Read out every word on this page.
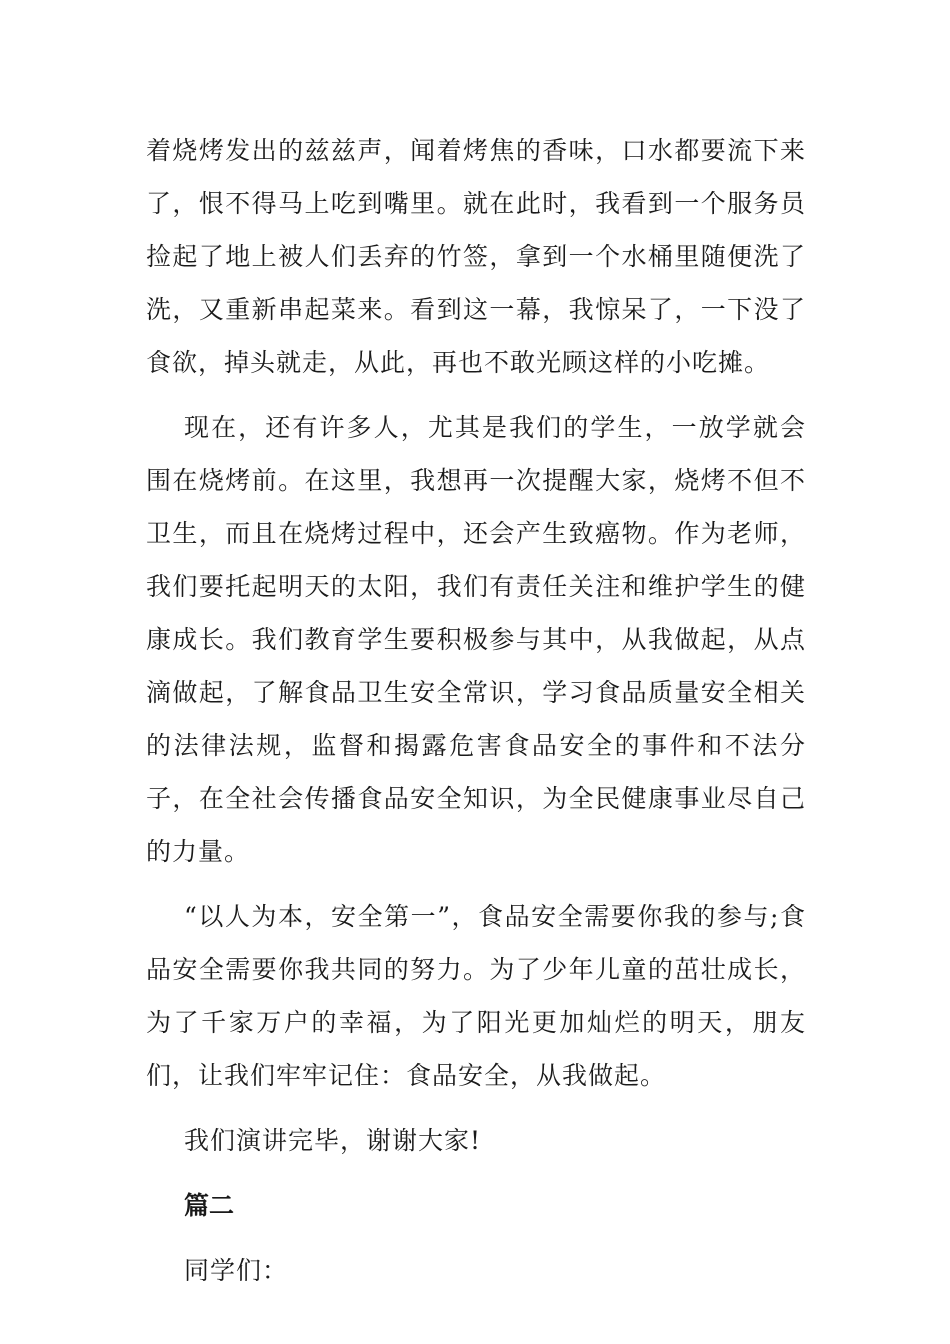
着烧烤发出的兹兹声，闻着烤焦的香味，口水都要流下来了，恨不得马上吃到嘴里。就在此时，我看到一个服务员捡起了地上被人们丢弃的竹签，拿到一个水桶里随便洗了洗，又重新串起菜来。看到这一幕，我惊呆了，一下没了食欲，掉头就走，从此，再也不敢光顾这样的小吃摊。

现在，还有许多人，尤其是我们的学生，一放学就会围在烧烤前。在这里，我想再一次提醒大家，烧烤不但不卫生，而且在烧烤过程中，还会产生致癌物。作为老师，我们要托起明天的太阳，我们有责任关注和维护学生的健康成长。我们教育学生要积极参与其中，从我做起，从点滴做起，了解食品卫生安全常识，学习食品质量安全相关的法律法规，监督和揭露危害食品安全的事件和不法分子，在全社会传播食品安全知识，为全民健康事业尽自己的力量。

“以人为本，安全第一”，食品安全需要你我的参与;食品安全需要你我共同的努力。为了少年儿童的茁壮成长，为了千家万户的幸福，为了阳光更加灿烂的明天，朋友们，让我们牢牢记住：食品安全，从我做起。

我们演讲完毕，谢谢大家!

篇二

同学们：
